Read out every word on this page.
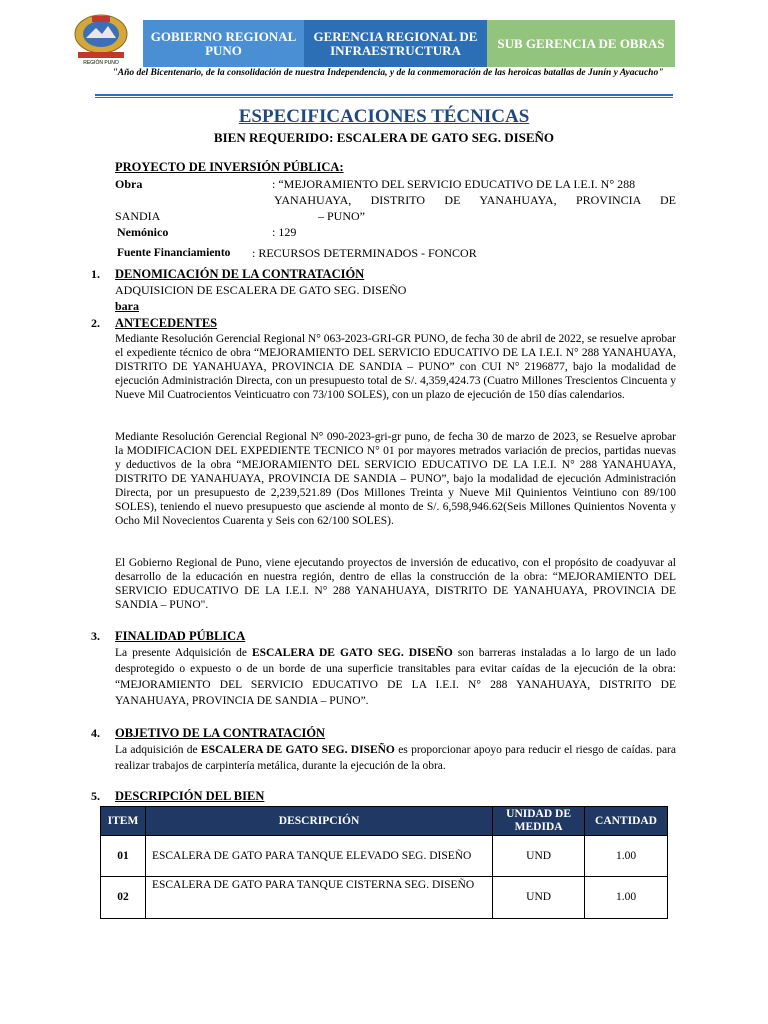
REGIÓN PUNO
GOBIERNO REGIONAL PUNO
GERENCIA REGIONAL DE INFRAESTRUCTURA	SUB GERENCIA DE OBRAS
"Año del Bicentenario, de la consolidación de nuestra Independencia, y de la conmemoración de las heroicas batallas de Junín y Ayacucho"
ESPECIFICACIONES TÉCNICAS
BIEN REQUERIDO: ESCALERA DE GATO SEG. DISEÑO
PROYECTO DE INVERSIÓN PÚBLICA:
Obra	: “MEJORAMIENTO DEL SERVICIO EDUCATIVO DE LA I.E.I. N° 288
YANAHUAYA, DISTRITO DE YANAHUAYA, PROVINCIA DE
SANDIA	– PUNO”
Nemónico	: 129
Fuente Financiamiento : RECURSOS DETERMINADOS - FONCOR
1. DENOMICACIÓN DE LA CONTRATACIÓN
ADQUISICION DE ESCALERA DE GATO SEG. DISEÑO
bara
2. ANTECEDENTES
Mediante Resolución Gerencial Regional N° 063-2023-GRI-GR PUNO, de fecha 30 de abril de 2022, se resuelve aprobar el expediente técnico de obra “MEJORAMIENTO DEL SERVICIO EDUCATIVO DE LA I.E.I. N° 288 YANAHUAYA, DISTRITO DE YANAHUAYA, PROVINCIA DE SANDIA – PUNO” con CUI N° 2196877, bajo la modalidad de ejecución Administración Directa, con un presupuesto total de S/. 4,359,424.73 (Cuatro Millones Trescientos Cincuenta y Nueve Mil Cuatrocientos Veinticuatro con 73/100 SOLES), con un plazo de ejecución de 150 días calendarios.
Mediante Resolución Gerencial Regional N° 090-2023-gri-gr puno, de fecha 30 de marzo de 2023, se Resuelve aprobar la MODIFICACION DEL EXPEDIENTE TECNICO N° 01 por mayores metrados variación de precios, partidas nuevas y deductivos de la obra “MEJORAMIENTO DEL SERVICIO EDUCATIVO DE LA I.E.I. N° 288 YANAHUAYA, DISTRITO DE YANAHUAYA, PROVINCIA DE SANDIA – PUNO”, bajo la modalidad de ejecución Administración Directa, por un presupuesto de 2,239,521.89 (Dos Millones Treinta y Nueve Mil Quinientos Veintiuno con 89/100 SOLES), teniendo el nuevo presupuesto que asciende al monto de S/. 6,598,946.62(Seis Millones Quinientos Noventa y Ocho Mil Novecientos Cuarenta y Seis con 62/100 SOLES).
El Gobierno Regional de Puno, viene ejecutando proyectos de inversión de educativo, con el propósito de coadyuvar al desarrollo de la educación en nuestra región, dentro de ellas la construcción de la obra: “MEJORAMIENTO DEL SERVICIO EDUCATIVO DE LA I.E.I. N° 288 YANAHUAYA, DISTRITO DE YANAHUAYA, PROVINCIA DE SANDIA – PUNO".
3. FINALIDAD PÚBLICA
La presente Adquisición de ESCALERA DE GATO SEG. DISEÑO son barreras instaladas a lo largo de un lado desprotegido o expuesto o de un borde de una superficie transitables para evitar caídas de la ejecución de la obra: “MEJORAMIENTO DEL SERVICIO EDUCATIVO DE LA I.E.I. N° 288 YANAHUAYA, DISTRITO DE YANAHUAYA, PROVINCIA DE SANDIA – PUNO”.
4. OBJETIVO DE LA CONTRATACIÓN
La adquisición de ESCALERA DE GATO SEG. DISEÑO es proporcionar apoyo para reducir el riesgo de caídas. para realizar trabajos de carpintería metálica, durante la ejecución de la obra.
5. DESCRIPCIÓN DEL BIEN
ITEM	DESCRIPCIÓN	UNIDAD DE MEDIDA	CANTIDAD
01	ESCALERA DE GATO PARA TANQUE ELEVADO SEG. DISEÑO	UND	1.00
02	ESCALERA DE GATO PARA TANQUE CISTERNA SEG. DISEÑO	UND	1.00
